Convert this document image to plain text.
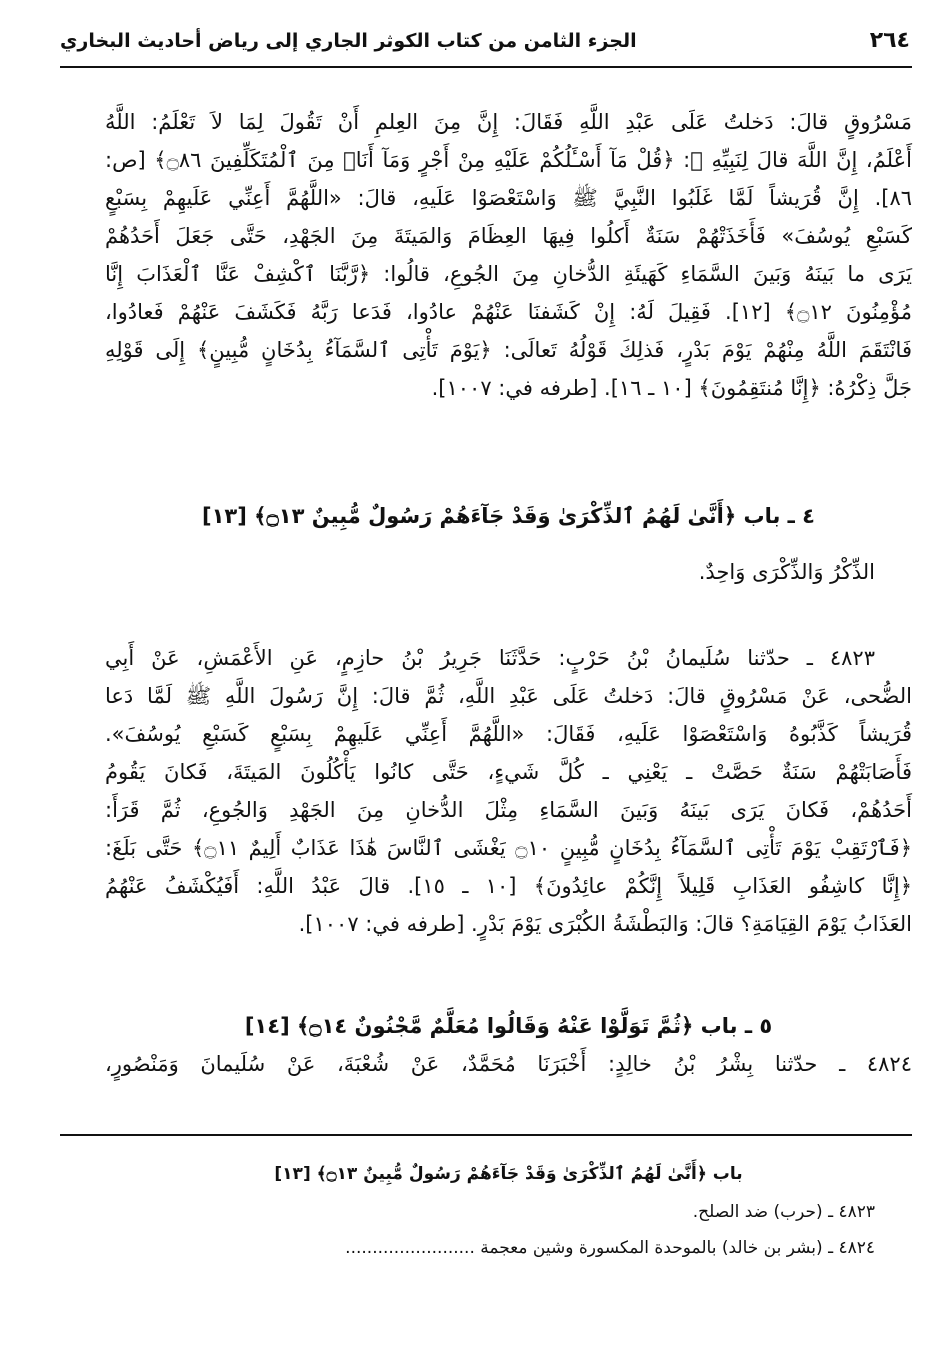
٢٦٤
الجزء الثامن من كتاب الكوثر الجاري إلى رياض أحاديث البخاري
مَسْرُوقٍ قالَ: دَخلتُ عَلَى عَبْدِ اللَّهِ فَقَالَ: إِنَّ مِنَ العِلمِ أَنْ تَقُولَ لِمَا لاَ تَعْلَمُ: اللَّهُ
أَعْلَمُ، إِنَّ اللَّهَ قالَ لِنَبِيِّهِ ﷺ: ﴿قُلْ مَآ أَسْـَٔلُكُمْ عَلَيْهِ مِنْ أَجْرٍ وَمَآ أَنَا۠ مِنَ ٱلْمُتَكَلِّفِينَ ۝٨٦﴾ [ص:
٨٦]. إِنَّ قُرَيشاً لَمَّا غَلَبُوا النَّبِيَّ ﷺ وَاسْتَعْصَوْا عَلَيهِ، قالَ: «اللَّهُمَّ أَعِنِّي عَلَيهِمْ بِسَبْعٍ
كَسَبْعِ يُوسُفَ» فَأَخَذَتْهُمْ سَنَةٌ أَكلُوا فِيهَا العِظَامَ وَالمَيتَةَ مِنَ الجَهْدِ، حَتَّى جَعَلَ أَحَدُهُمْ
يَرَى ما بَينَهُ وَبَينَ السَّمَاءِ كَهَيئَةِ الدُّخانِ مِنَ الجُوعِ، قالُوا: ﴿رَّبَّنَا ٱكْشِفْ عَنَّا ٱلْعَذَابَ إِنَّا
مُؤْمِنُونَ ۝١٢﴾ [١٢]. فَقِيلَ لَهُ: إِنْ كَشَفنَا عَنْهُمْ عادُوا، فَدَعا رَبَّهُ فَكَشَفَ عَنْهُمْ فَعادُوا،
فَانْتَقَمَ اللَّهُ مِنْهُمْ يَوْمَ بَدْرٍ، فَذلِكَ قَوْلُهُ تَعالَى: ﴿يَوْمَ تَأْتِى ٱلسَّمَآءُ بِدُخَانٍ مُّبِينٍ﴾ إِلَى قَوْلِهِ
جَلَّ ذِكْرُهُ: ﴿إِنَّا مُنتَقِمُونَ﴾ [١٠ ـ ١٦]. [طرفه في: ١٠٠٧].
٤ ـ باب ﴿أَنَّىٰ لَهُمُ ٱلذِّكْرَىٰ وَقَدْ جَآءَهُمْ رَسُولٌ مُّبِينٌ ۝١٣﴾ [١٣]
الذِّكْرُ وَالذِّكْرَى وَاحِدٌ.
٤٨٢٣ ـ حدّثنا سُلَيمانُ بْنُ حَرْبٍ: حَدَّثَنَا جَرِيرُ بْنُ حازِمٍ، عَنِ الأَعْمَشِ، عَنْ أَبِي
الضُّحى، عَنْ مَسْرُوقٍ قالَ: دَخلتُ عَلَى عَبْدِ اللَّهِ، ثُمَّ قالَ: إِنَّ رَسُولَ اللَّهِ ﷺ لَمَّا دَعا
قُرَيشاً كَذَّبُوهُ وَاسْتَعْصَوْا عَلَيهِ، فَقَالَ: «اللَّهُمَّ أَعِنِّي عَلَيهِمْ بِسَبْعٍ كَسَبْعِ يُوسُفَ».
فَأَصَابَتْهُمْ سَنَةٌ حَصَّتْ ـ يَعْنِي ـ كُلَّ شَيءٍ، حَتَّى كانُوا يَأْكُلُونَ المَيتَةَ، فَكانَ يَقُومُ
أَحَدُهُمْ، فَكانَ يَرَى بَينَهُ وَبَينَ السَّمَاءِ مِثْلَ الدُّخانِ مِنَ الجَهْدِ وَالجُوعِ، ثُمَّ قَرَأَ:
﴿فَٱرْتَقِبْ يَوْمَ تَأْتِى ٱلسَّمَآءُ بِدُخَانٍ مُّبِينٍ ۝١٠ يَغْشَى ٱلنَّاسَ هَٰذَا عَذَابٌ أَلِيمٌ ۝١١﴾ حَتَّى بَلَغَ:
﴿إِنَّا كاشِفُو العَذَابِ قَلِيلاً إِنَّكُمْ عائِدُونَ﴾ [١٠ ـ ١٥]. قالَ عَبْدُ اللَّهِ: أَفَيُكْشَفُ عَنْهُمُ
العَذَابُ يَوْمَ القِيَامَةِ؟ قالَ: وَالبَطْشَةُ الكُبْرَى يَوْمَ بَدْرٍ. [طرفه في: ١٠٠٧].
٥ ـ باب ﴿ثُمَّ تَوَلَّوْا عَنْهُ وَقَالُوا مُعَلَّمٌ مَّجْنُونٌ ۝١٤﴾ [١٤]
٤٨٢٤ ـ حدّثنا بِشْرُ بْنُ خالِدٍ: أَخْبَرَنَا مُحَمَّدٌ، عَنْ شُعْبَةَ، عَنْ سُلَيمانَ وَمَنْصُورٍ،
باب ﴿أَنَّىٰ لَهُمُ ٱلذِّكْرَىٰ وَقَدْ جَآءَهُمْ رَسُولٌ مُّبِينٌ ۝١٣﴾ [١٣]
٤٨٢٣ ـ (حرب) ضد الصلح.
٤٨٢٤ ـ (بشر بن خالد) بالموحدة المكسورة وشين معجمة ........................
